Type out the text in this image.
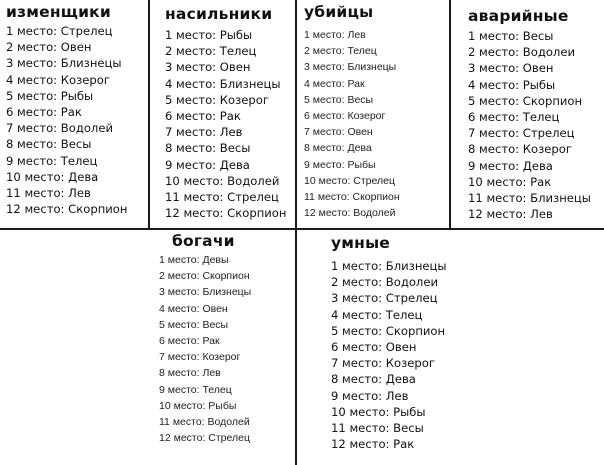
изменщики
1 место: Стрелец
2 место: Овен
3 место: Близнецы
4 место: Козерог
5 место: Рыбы
6 место: Рак
7 место: Водолей
8 место: Весы
9 место: Телец
10 место: Дева
11 место: Лев
12 место: Скорпион
насильники
1 место: Рыбы
2 место: Телец
3 место: Овен
4 место: Близнецы
5 место: Козерог
6 место: Рак
7 место: Лев
8 место: Весы
9 место: Дева
10 место: Водолей
11 место: Стрелец
12 место: Скорпион
убийцы
1 место: Лев
2 место: Телец
3 место: Близнецы
4 место: Рак
5 место: Весы
6 место: Козерог
7 место: Овен
8 место: Дева
9 место: Рыбы
10 место: Стрелец
11 место: Скорпион
12 место: Водолей
аварийные
1 место: Весы
2 место: Водолеи
3 место: Овен
4 место: Рыбы
5 место: Скорпион
6 место: Телец
7 место: Стрелец
8 место: Козерог
9 место: Дева
10 место: Рак
11 место: Близнецы
12 место: Лев
богачи
1 место: Девы
2 место: Скорпион
3 место: Близнецы
4 место: Овен
5 место: Весы
6 место: Рак
7 место: Козерог
8 место: Лев
9 место: Телец
10 место: Рыбы
11 место: Водолей
12 место: Стрелец
умные
1 место: Близнецы
2 место: Водолеи
3 место: Стрелец
4 место: Телец
5 место: Скорпион
6 место: Овен
7 место: Козерог
8 место: Дева
9 место: Лев
10 место: Рыбы
11 место: Весы
12 место: Рак
